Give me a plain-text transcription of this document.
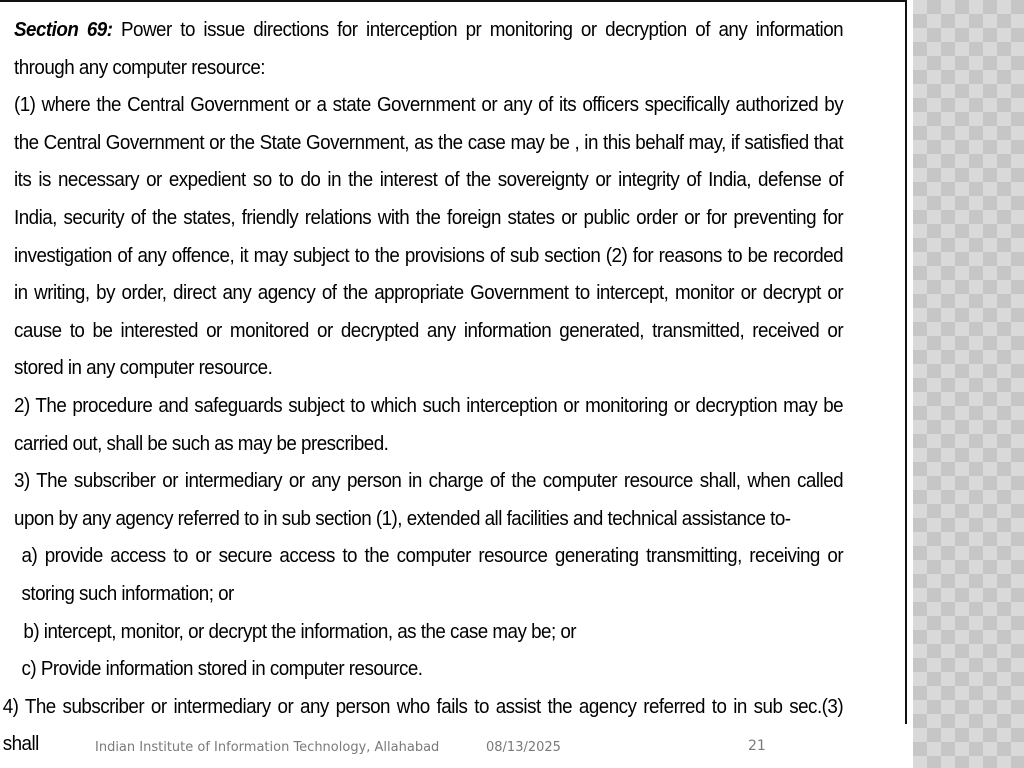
Section 69: Power to issue directions for interception pr monitoring or decryption of any information through any computer resource:

(1) where the Central Government or a state Government or any of its officers specifically authorized by the Central Government or the State Government, as the case may be , in this behalf may, if satisfied that its is necessary or expedient so to do in the interest of the sovereignty or integrity of India, defense of India, security of the states, friendly relations with the foreign states or public order or for preventing for investigation of any offence, it may subject to the provisions of sub section (2) for reasons to be recorded in writing, by order, direct any agency of the appropriate Government to intercept, monitor or decrypt or cause to be interested or monitored or decrypted any information generated, transmitted, received or stored in any computer resource.

2) The procedure and safeguards subject to which such interception or monitoring or decryption may be carried out, shall be such as may be prescribed.

3) The subscriber or intermediary or any person in charge of the computer resource shall, when called upon by any agency referred to in sub section (1), extended all facilities and technical assistance to-

a) provide access to or secure access to the computer resource generating transmitting, receiving or storing such information; or

b) intercept, monitor, or decrypt the information, as the case may be; or

c) Provide information stored in computer resource.

4) The subscriber or intermediary or any person who fails to assist the agency referred to in sub sec.(3) shall	Indian Institute of Information Technology, Allahabad	08/13/2025	21
